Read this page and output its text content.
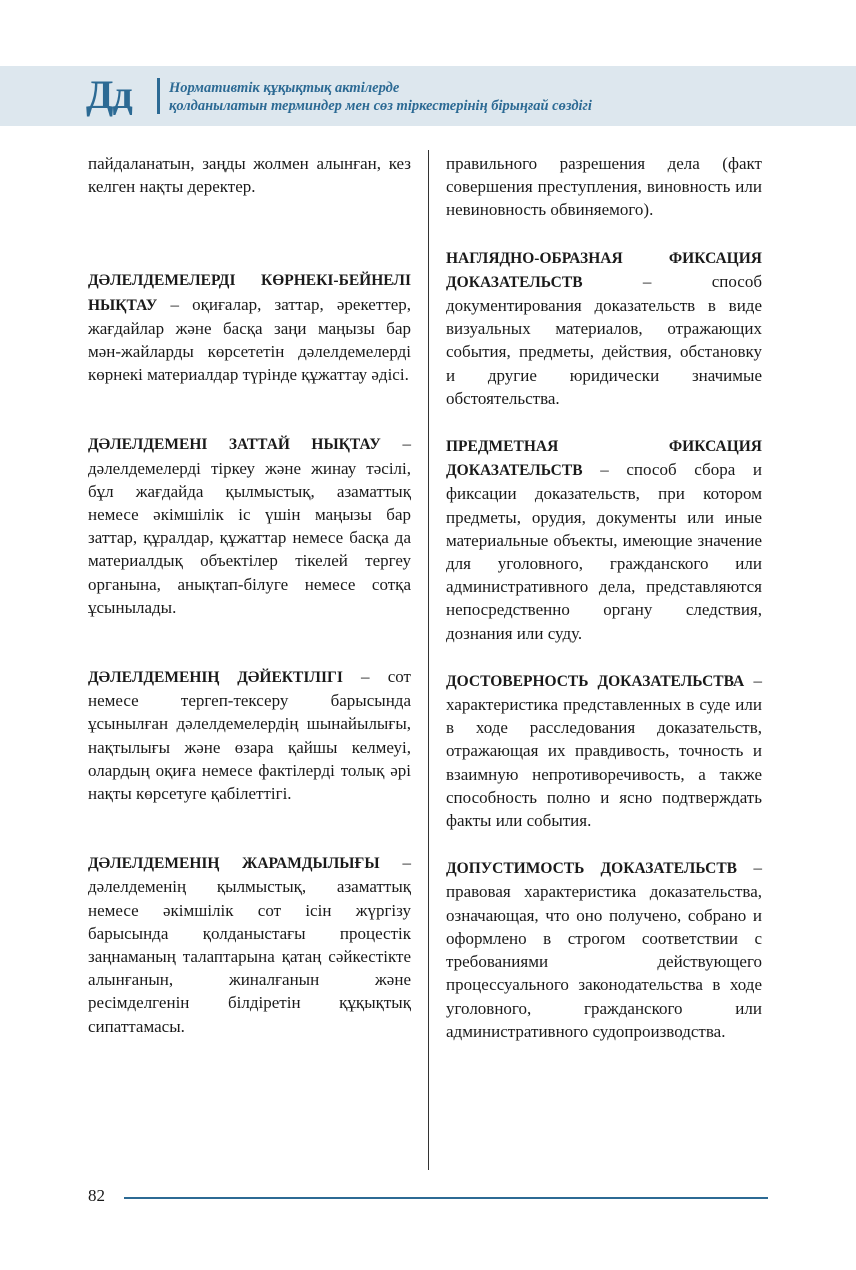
Дд	Нормативтік құқықтық актілерде
қолданылатын терминдер мен сөз тіркестерінің бірыңғай сөздігі

пайдаланатын, заңды жолмен алынған, кез келген нақты деректер.

ДӘЛЕЛДЕМЕЛЕРДІ КӨРНЕКІ-БЕЙНЕЛІ НЫҚТАУ – оқиғалар, заттар, әрекеттер, жағдайлар және басқа заңи маңызы бар мән-жайларды көрсететін дәлелдемелерді көрнекі материалдар түрінде құжаттау әдісі.

ДӘЛЕЛДЕМЕНІ ЗАТТАЙ НЫҚТАУ – дәлелдемелерді тіркеу және жинау тәсілі, бұл жағдайда қылмыстық, азаматтық немесе әкімшілік іс үшін маңызы бар заттар, құралдар, құжаттар немесе басқа да материалдық объектілер тікелей тергеу органына, анықтап-білуге немесе сотқа ұсынылады.

ДӘЛЕЛДЕМЕНІҢ ДӘЙЕКТІЛІГІ – сот немесе тергеп-тексеру барысында ұсынылған дәлелдемелердің шынайылығы, нақтылығы және өзара қайшы келмеуі, олардың оқиға немесе фактілерді толық әрі нақты көрсетуге қабілеттігі.

ДӘЛЕЛДЕМЕНІҢ ЖАРАМДЫЛЫҒЫ – дәлелдеменің қылмыстық, азаматтық немесе әкімшілік сот ісін жүргізу барысында қолданыстағы процестік заңнаманың талаптарына қатаң сәйкестікте алынғанын, жиналғанын және ресімделгенін білдіретін құқықтық сипаттамасы.

правильного разрешения дела (факт совершения преступления, виновность или невиновность обвиняемого).

НАГЛЯДНО-ОБРАЗНАЯ ФИКСАЦИЯ ДОКАЗАТЕЛЬСТВ – способ документирования доказательств в виде визуальных материалов, отражающих события, предметы, действия, обстановку и другие юридически значимые обстоятельства.

ПРЕДМЕТНАЯ ФИКСАЦИЯ ДОКАЗАТЕЛЬСТВ – способ сбора и фиксации доказательств, при котором предметы, орудия, документы или иные материальные объекты, имеющие значение для уголовного, гражданского или административного дела, представляются непосредственно органу следствия, дознания или суду.

ДОСТОВЕРНОСТЬ ДОКАЗАТЕЛЬСТВА – характеристика представленных в суде или в ходе расследования доказательств, отражающая их правдивость, точность и взаимную непротиворечивость, а также способность полно и ясно подтверждать факты или события.

ДОПУСТИМОСТЬ ДОКАЗАТЕЛЬСТВ – правовая характеристика доказательства, означающая, что оно получено, собрано и оформлено в строгом соответствии с требованиями действующего процессуального законодательства в ходе уголовного, гражданского или административного судопроизводства.

82
